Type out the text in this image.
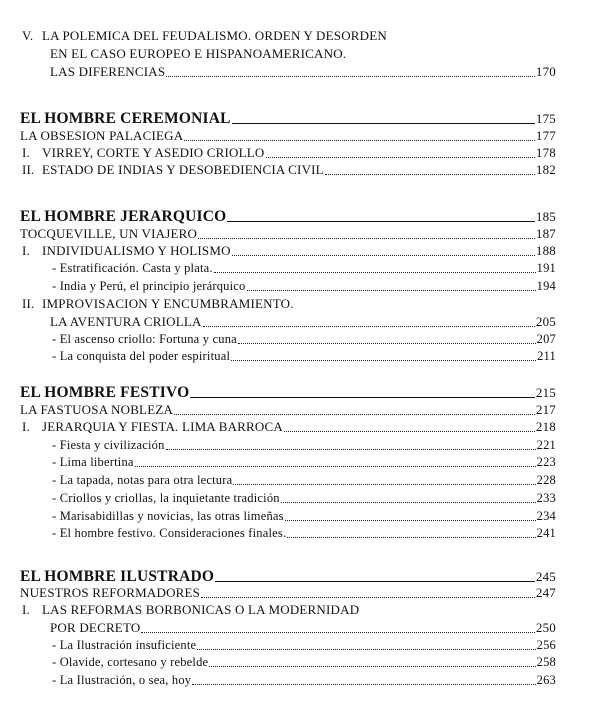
V. LA POLEMICA DEL FEUDALISMO. ORDEN Y DESORDEN
EN EL CASO EUROPEO E HISPANOAMERICANO.
LAS DIFERENCIAS	170
EL HOMBRE CEREMONIAL	175
LA OBSESION PALACIEGA	177
I. VIRREY, CORTE Y ASEDIO CRIOLLO	178
II. ESTADO DE INDIAS Y DESOBEDIENCIA CIVIL	182
EL HOMBRE JERARQUICO	185
TOCQUEVILLE, UN VIAJERO	187
I. INDIVIDUALISMO Y HOLISMO	188
- Estratificación. Casta y plata.	191
- India y Perú, el principio jerárquico	194
II. IMPROVISACION Y ENCUMBRAMIENTO.
LA AVENTURA CRIOLLA	205
- El ascenso criollo: Fortuna y cuna	207
- La conquista del poder espiritual	211
EL HOMBRE FESTIVO	215
LA FASTUOSA NOBLEZA	217
I. JERARQUIA Y FIESTA. LIMA BARROCA	218
- Fiesta y civilización	221
- Lima libertina	223
- La tapada, notas para otra lectura	228
- Criollos y criollas, la inquietante tradición	233
- Marisabidillas y novicias, las otras limeñas	234
- El hombre festivo. Consideraciones finales.	241
EL HOMBRE ILUSTRADO	245
NUESTROS REFORMADORES	247
I. LAS REFORMAS BORBONICAS O LA MODERNIDAD
POR DECRETO	250
- La Ilustración insuficiente	256
- Olavide, cortesano y rebelde	258
- La Ilustración, o sea, hoy	263
